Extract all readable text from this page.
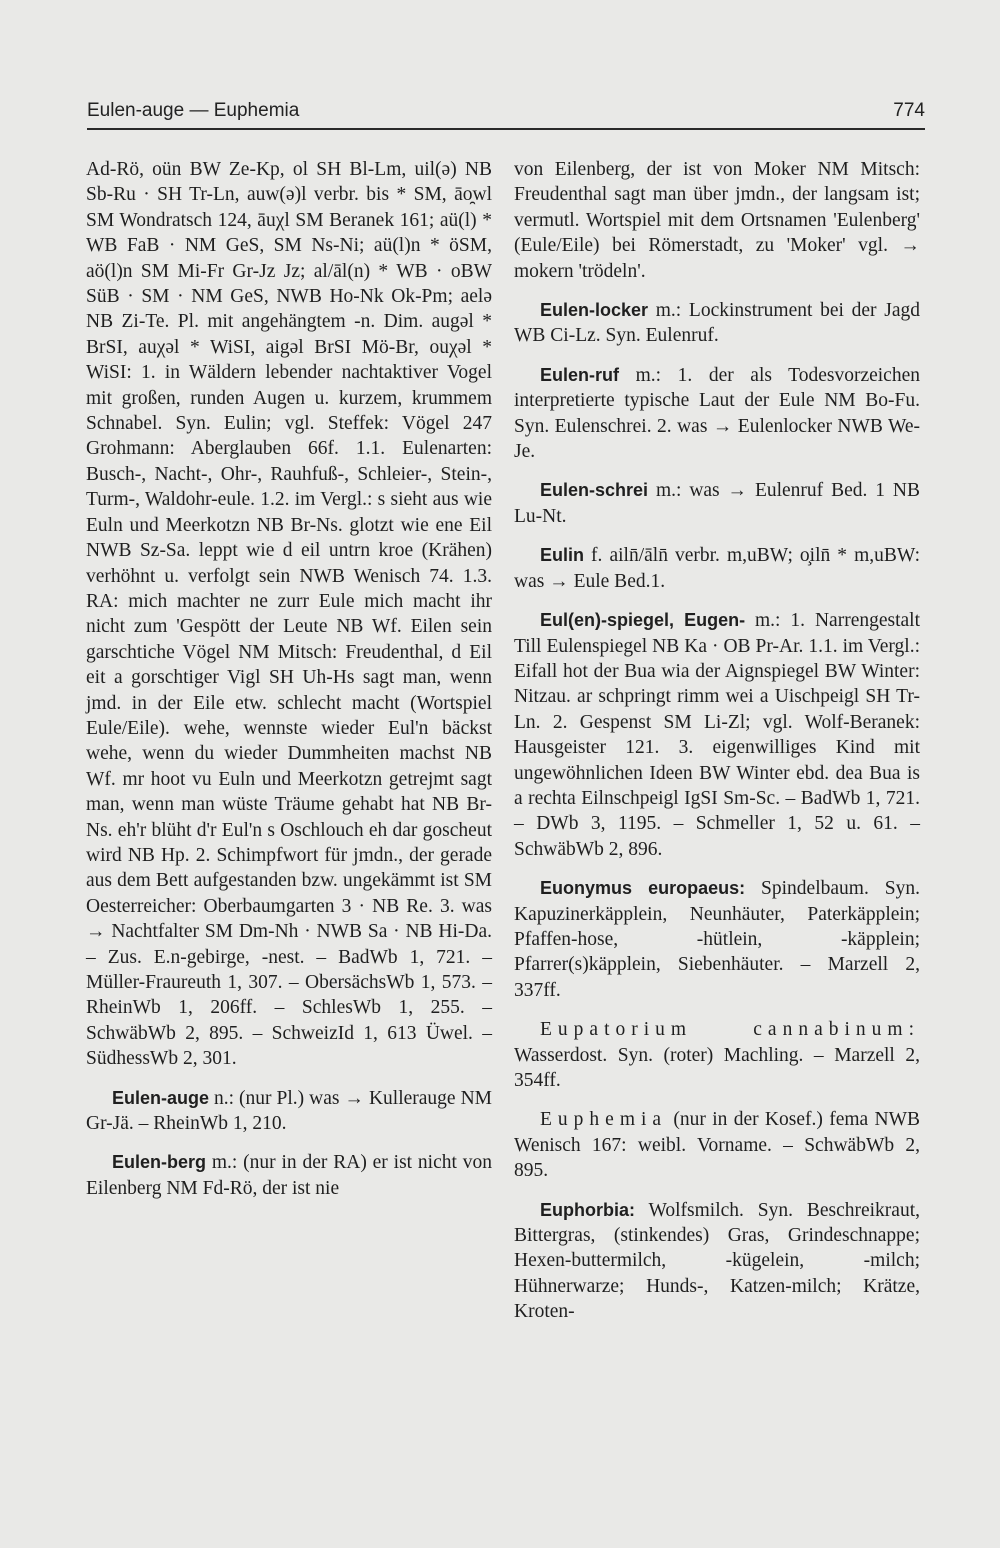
Eulen-auge — Euphemia	774

Ad-Rö, oün BW Ze-Kp, ol SH Bl-Lm, uil(ə) NB Sb-Ru · SH Tr-Ln, auw(ə)l verbr. bis * SM, āo̯wl SM Wondratsch 124, āuχl SM Beranek 161; aü(l) * WB FaB · NM GeS, SM Ns-Ni; aü(l)n * öSM, aö(l)n SM Mi-Fr Gr-Jz Jz; al/āl(n) * WB · oBW SüB · SM · NM GeS, NWB Ho-Nk Ok-Pm; aelə NB Zi-Te. Pl. mit angehängtem -n. Dim. augəl * BrSI, auχəl * WiSI, aigəl BrSI Mö-Br, ouχəl * WiSI: 1. in Wäldern lebender nachtaktiver Vogel mit großen, runden Augen u. kurzem, krummem Schnabel. Syn. Eulin; vgl. Steffek: Vögel 247 Grohmann: Aberglauben 66f. 1.1. Eulenarten: Busch-, Nacht-, Ohr-, Rauhfuß-, Schleier-, Stein-, Turm-, Waldohr-eule. 1.2. im Vergl.: s sieht aus wie Euln und Meerkotzn NB Br-Ns. glotzt wie ene Eil NWB Sz-Sa. leppt wie d eil untrn kroe (Krähen) verhöhnt u. verfolgt sein NWB Wenisch 74. 1.3. RA: mich machter ne zurr Eule mich macht ihr nicht zum 'Gespött der Leute NB Wf. Eilen sein garschtiche Vögel NM Mitsch: Freudenthal, d Eil eit a gorschtiger Vigl SH Uh-Hs sagt man, wenn jmd. in der Eile etw. schlecht macht (Wortspiel Eule/Eile). wehe, wennste wieder Eul'n bäckst wehe, wenn du wieder Dummheiten machst NB Wf. mr hoot vu Euln und Meerkotzn getrejmt sagt man, wenn man wüste Träume gehabt hat NB Br-Ns. eh'r blüht d'r Eul'n s Oschlouch eh dar goscheut wird NB Hp. 2. Schimpfwort für jmdn., der gerade aus dem Bett aufgestanden bzw. ungekämmt ist SM Oesterreicher: Oberbaumgarten 3 · NB Re. 3. was → Nachtfalter SM Dm-Nh · NWB Sa · NB Hi-Da. – Zus. E.n-gebirge, -nest. – BadWb 1, 721. – Müller-Fraureuth 1, 307. – ObersächsWb 1, 573. – RheinWb 1, 206ff. – SchlesWb 1, 255. – SchwäbWb 2, 895. – SchweizId 1, 613 Üwel. – SüdhessWb 2, 301.

Eulen-auge n.: (nur Pl.) was → Kullerauge NM Gr-Jä. – RheinWb 1, 210.

Eulen-berg m.: (nur in der RA) er ist nicht von Eilenberg NM Fd-Rö, der ist nie

von Eilenberg, der ist von Moker NM Mitsch: Freudenthal sagt man über jmdn., der langsam ist; vermutl. Wortspiel mit dem Ortsnamen 'Eulenberg' (Eule/Eile) bei Römerstadt, zu 'Moker' vgl. → mokern 'trödeln'.

Eulen-locker m.: Lockinstrument bei der Jagd WB Ci-Lz. Syn. Eulenruf.

Eulen-ruf m.: 1. der als Todesvorzeichen interpretierte typische Laut der Eule NM Bo-Fu. Syn. Eulenschrei. 2. was → Eulenlocker NWB We-Je.

Eulen-schrei m.: was → Eulenruf Bed. 1 NB Lu-Nt.

Eulin f. ailn̄/āln̄ verbr. m,uBW; o̧iln̄ * m,uBW: was → Eule Bed.1.

Eul(en)-spiegel, Eugen- m.: 1. Narrengestalt Till Eulenspiegel NB Ka · OB Pr-Ar. 1.1. im Vergl.: Eifall hot der Bua wia der Aignspiegel BW Winter: Nitzau. ar schpringt rimm wei a Uischpeigl SH Tr-Ln. 2. Gespenst SM Li-Zl; vgl. Wolf-Beranek: Hausgeister 121. 3. eigenwilliges Kind mit ungewöhnlichen Ideen BW Winter ebd. dea Bua is a rechta Eilnschpeigl IgSI Sm-Sc. – BadWb 1, 721. – DWb 3, 1195. – Schmeller 1, 52 u. 61. – SchwäbWb 2, 896.

Euonymus europaeus: Spindelbaum. Syn. Kapuzinerkäpplein, Neunhäuter, Paterkäpplein; Pfaffen-hose, -hütlein, -käpplein; Pfarrer(s)käpplein, Siebenhäuter. – Marzell 2, 337ff.

Eupatorium cannabinum: Wasserdost. Syn. (roter) Machling. – Marzell 2, 354ff.

Euphemia (nur in der Kosef.) fema NWB Wenisch 167: weibl. Vorname. – SchwäbWb 2, 895.

Euphorbia: Wolfsmilch. Syn. Beschreikraut, Bittergras, (stinkendes) Gras, Grindeschnappe; Hexen-buttermilch, -kügelein, -milch; Hühnerwarze; Hunds-, Katzen-milch; Krätze, Kroten-
